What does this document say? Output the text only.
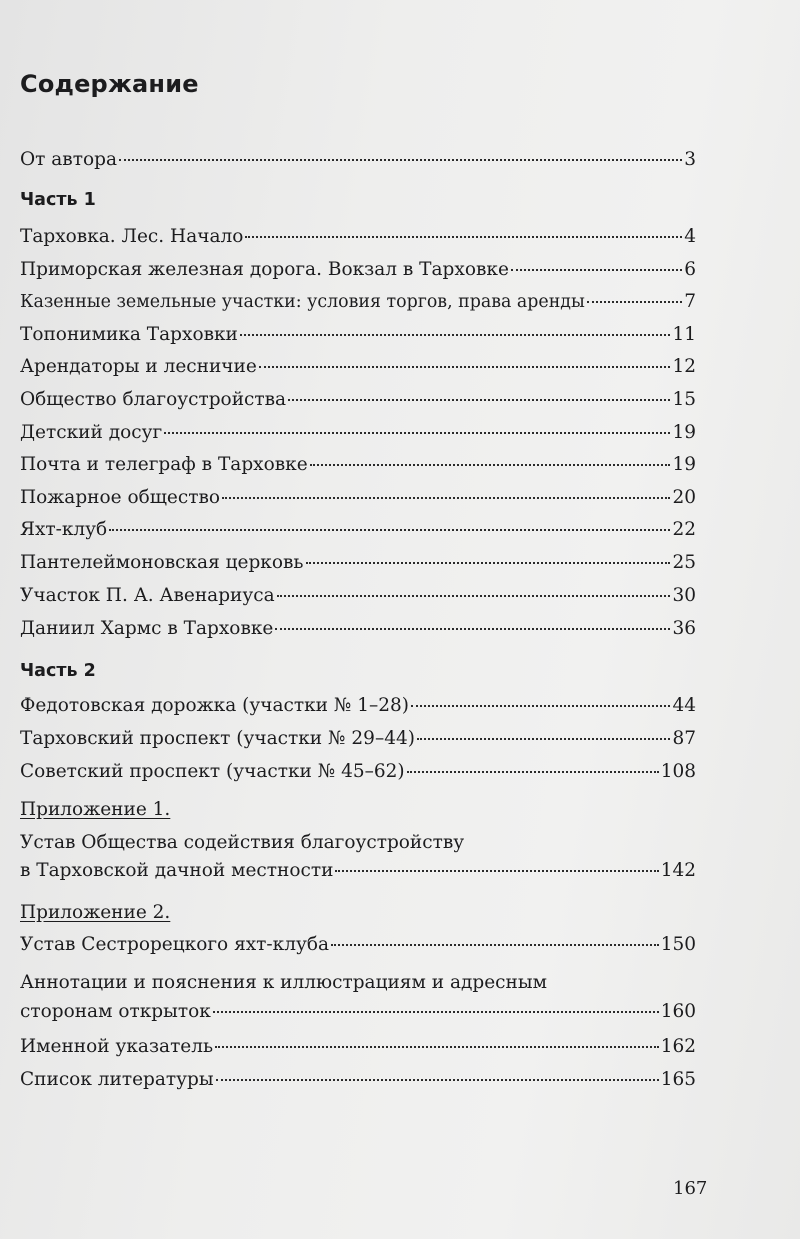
Содержание
От автора	3
Часть 1
Тарховка. Лес. Начало	4
Приморская железная дорога. Вокзал в Тарховке	6
Казенные земельные участки: условия торгов, права аренды	7
Топонимика Тарховки	11
Арендаторы и лесничие	12
Общество благоустройства	15
Детский досуг	19
Почта и телеграф в Тарховке	19
Пожарное общество	20
Яхт-клуб	22
Пантелеймоновская церковь	25
Участок П. А. Авенариуса	30
Даниил Хармс в Тарховке	36
Часть 2
Федотовская дорожка (участки № 1–28)	44
Тарховский проспект (участки № 29–44)	87
Советский проспект (участки № 45–62)	108
Приложение 1.
Устав Общества содействия благоустройству
в Тарховской дачной местности	142
Приложение 2.
Устав Сестрорецкого яхт-клуба	150
Аннотации и пояснения к иллюстрациям и адресным
сторонам открыток	160
Именной указатель	162
Список литературы	165
167
